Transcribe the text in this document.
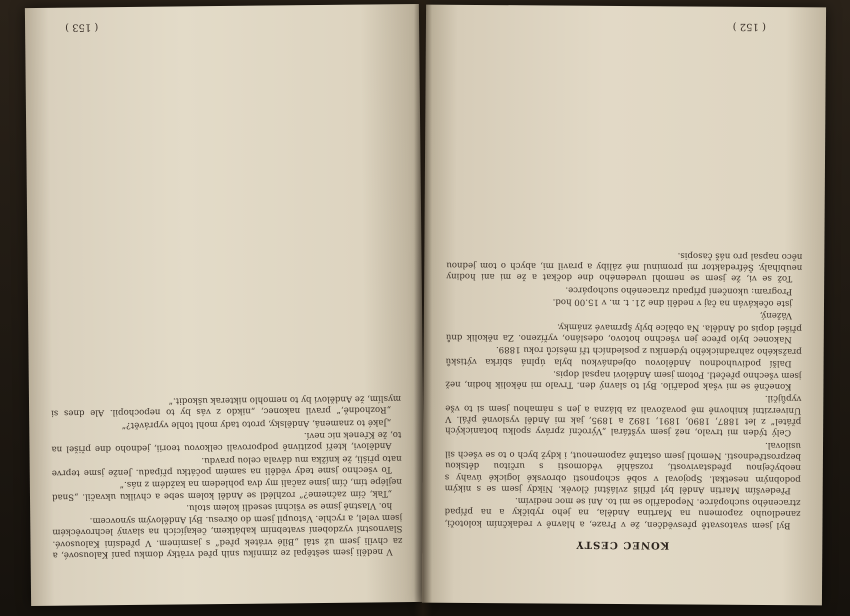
V neděli jsem seštěpal ze zimníku snih před vrátky domku paní Kalousové, a za chvíli jsem už stál „Bílé vrátek před“ s jasmínem. V předsíni Kalousové. Slavnostní vyzdobení svatebním kabátkem, čekajících na slavný lechrověckém jsem velel, a rychle. Vstoupil jsem do okresu. Byl Andělovým synovcem.

ho. Vlastně jsme se všichni sesedli kolem stolu.

„Tak, čím začneme?“ rozhlédl se Anděl kolem sebe a chvilku ukvačil. „Snad nejlépe tím, čím jsme začali my dva pohledem na každém z nás.“

To všechno jsme tedy věděli na samém počátku případu. Jenže jsme teprve nato přišli, že knížka mu dávala celou pravdu.

Andělovi, kteří pozitivně podporovali celkovou teorii, jednoho dne přišel na to, že Křenek nic neví.

„Jaké to znamená, Andělsky, proto tady mohl tohle vyprávět?“

„Rozhodně,“ pravil nakonec, „nikdo z vás by to nepochopil. Ale dnes si myslím, že Andělovi by to nemohlo nikterak uškodit.“

( 153 )
KONEC CESTY

Byl jsem svatosvatě přesvědčen, že v Praze, a hlavně v redakčním kolotoči, zanedlouho zapomenu na Martina Anděla, na jeho rybičky a na případ ztraceného suchopárce. Nepodařilo se mi to. Ani se moc nedivím.

Především Martin Anděl byl příliš zvláštní člověk. Nikdy jsem se s nikým podobným nesetkal. Spojoval v sobě schopnosti obrovské logické úvahy s neobyčejnou představivostí, rozsáhlé vědomosti s určitou dětskou bezprostředností. Nemohl jsem ostatně zapomenout, i když bych o to se všech sil usiloval.

Celý týden mi trvalo, než jsem vyšťáral „Výroční zprávy spolku botanických přátel“ z let 1887, 1890, 1891, 1892 a 1895, jak mi Anděl vyslovně přál. V Univerzitní knihovně mě považovali za blázna a jen s námahou jsem si to vše vypůjčil.

Konečně se mi však podařilo. Byl to slavný den. Trvalo mi několik hodin, než jsem všechno přečetl. Potom jsem Andělovi napsal dopis.

Další podivuhodnou Andělovou objednávkou byla úplná sbírka výtisků pražského zahradnického týdeníku z posledních tří měsíců roku 1889.

Nakonec bylo přece jen všechno hotovo, odesláno, vyřízeno. Za několik dnů přišel dopis od Anděla. Na obálce byly šprmavé známky.

Vážený,

jste očekáván na čaj v neděli dne 21. t. m. v 15.00 hod.

Program: ukončení případu ztraceného suchopárce.

Tož se vi, že jsem se nemohl uvedeného dne dočkat a že mi ani hodiny neubíhaly. Šéfredaktor mi prominul mé záliby a pravil mi, abych o tom jednou něco napsal pro náš časopis.

( 152 )
